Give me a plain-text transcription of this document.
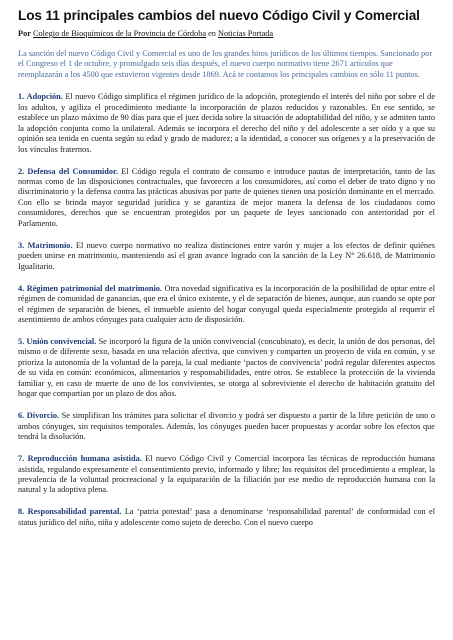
Los 11 principales cambios del nuevo Código Civil y Comercial

Por Colegio de Bioquímicos de la Provincia de Córdoba en Noticias Portada

La sanción del nuevo Código Civil y Comercial es uno de los grandes hitos jurídicos de los últimos tiempos. Sancionado por el Congreso el 1 de octubre, y promulgado seis días después, el nuevo cuerpo normativo tiene 2671 artículos que reemplazarán a los 4500 que estuvieron vigentes desde 1869. Acá te contamos los principales cambios en sólo 11 puntos.

1. Adopción. El nuevo Código simplifica el régimen jurídico de la adopción, protegiendo el interés del niño por sobre el de los adultos, y agiliza el procedimiento mediante la incorporación de plazos reducidos y razonables. En ese sentido, se establece un plazo máximo de 90 días para que el juez decida sobre la situación de adoptabilidad del niño, y se admiten tanto la adopción conjunta como la unilateral. Además se incorpora el derecho del niño y del adolescente a ser oído y a que su opinión sea tenida en cuenta según su edad y grado de madurez; a la identidad, a conocer sus orígenes y a la preservación de los vínculos fraternos.

2. Defensa del Consumidor. El Código regula el contrato de consumo e introduce pautas de interpretación, tanto de las normas como de las disposiciones contractuales, que favorecen a los consumidores, así como el deber de trato digno y no discriminatorio y la defensa contra las prácticas abusivas por parte de quienes tienen una posición dominante en el mercado. Con ello se brinda mayor seguridad jurídica y se garantiza de mejor manera la defensa de los ciudadanos como consumidores, derechos que se encuentran protegidos por un paquete de leyes sancionado con anterioridad por el Parlamento.

3. Matrimonio. El nuevo cuerpo normativo no realiza distinciones entre varón y mujer a los efectos de definir quiénes pueden unirse en matrimonio, manteniendo así el gran avance logrado con la sanción de la Ley N° 26.618, de Matrimonio Igualitario.

4. Régimen patrimonial del matrimonio. Otra novedad significativa es la incorporación de la posibilidad de optar entre el régimen de comunidad de ganancias, que era el único existente, y el de separación de bienes, aunque, aun cuando se opte por el régimen de separación de bienes, el inmueble asiento del hogar conyugal queda especialmente protegido al requerir el asentimiento de ambos cónyuges para cualquier acto de disposición.

5. Unión convivencial. Se incorporó la figura de la unión convivencial (concubinato), es decir, la unión de dos personas, del mismo o de diferente sexo, basada en una relación afectiva, que conviven y comparten un proyecto de vida en común, y se prioriza la autonomía de la voluntad de la pareja, la cual mediante ‘pactos de convivencia’ podrá regular diferentes aspectos de su vida en común: económicos, alimentarios y responsabilidades, entre otros. Se establece la protección de la vivienda familiar y, en caso de muerte de uno de los convivientes, se otorga al sobreviviente el derecho de habitación gratuito del hogar que compartían por un plazo de dos años.

6. Divorcio. Se simplifican los trámites para solicitar el divorcio y podrá ser dispuesto a partir de la libre petición de uno o ambos cónyuges, sin requisitos temporales. Además, los cónyuges pueden hacer propuestas y acordar sobre los efectos que tendrá la disolución.

7. Reproducción humana asistida. El nuevo Código Civil y Comercial incorpora las técnicas de reproducción humana asistida, regulando expresamente el consentimiento previo, informado y libre; los requisitos del procedimiento a emplear, la prevalencia de la voluntad procreacional y la equiparación de la filiación por ese medio de reproducción humana con la natural y la adoptiva plena.

8. Responsabilidad parental. La ‘patria potestad’ pasa a denominarse ‘responsabilidad parental’ de conformidad con el status jurídico del niño, niña y adolescente como sujeto de derecho. Con el nuevo cuerpo
